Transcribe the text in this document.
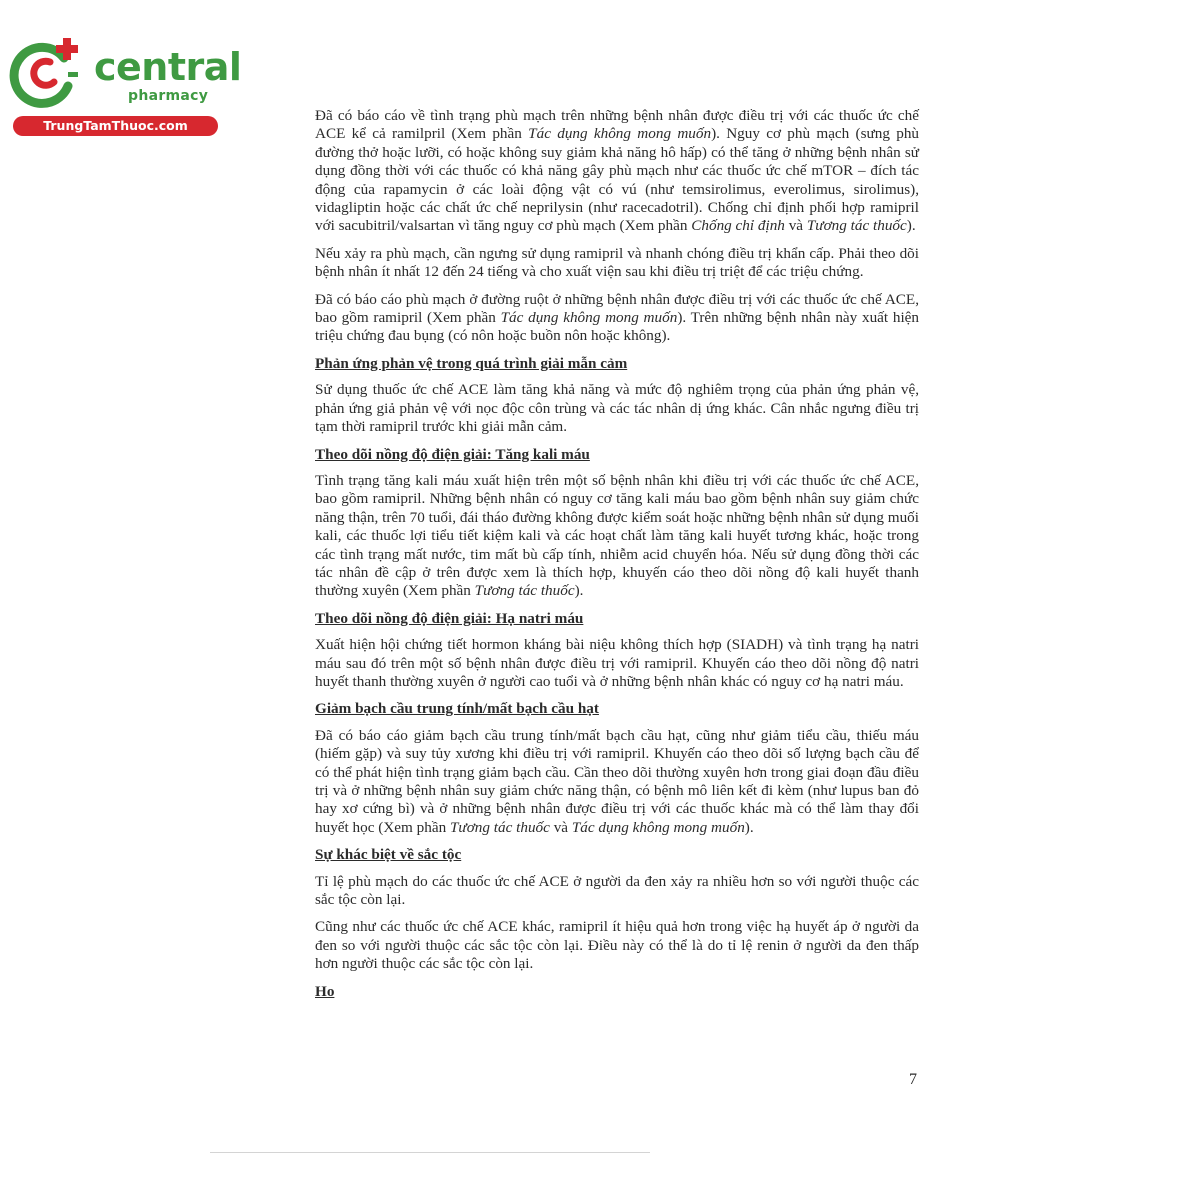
central
pharmacy
TrungTamThuoc.com

Đã có báo cáo về tình trạng phù mạch trên những bệnh nhân được điều trị với các thuốc ức chế ACE kể cả ramilpril (Xem phần Tác dụng không mong muốn). Nguy cơ phù mạch (sưng phù đường thở hoặc lưỡi, có hoặc không suy giảm khả năng hô hấp) có thể tăng ở những bệnh nhân sử dụng đồng thời với các thuốc có khả năng gây phù mạch như các thuốc ức chế mTOR – đích tác động của rapamycin ở các loài động vật có vú (như temsirolimus, everolimus, sirolimus), vidagliptin hoặc các chất ức chế neprilysin (như racecadotril). Chống chỉ định phối hợp ramipril với sacubitril/valsartan vì tăng nguy cơ phù mạch (Xem phần Chống chỉ định và Tương tác thuốc).

Nếu xảy ra phù mạch, cần ngưng sử dụng ramipril và nhanh chóng điều trị khẩn cấp. Phải theo dõi bệnh nhân ít nhất 12 đến 24 tiếng và cho xuất viện sau khi điều trị triệt để các triệu chứng.

Đã có báo cáo phù mạch ở đường ruột ở những bệnh nhân được điều trị với các thuốc ức chế ACE, bao gồm ramipril (Xem phần Tác dụng không mong muốn). Trên những bệnh nhân này xuất hiện triệu chứng đau bụng (có nôn hoặc buồn nôn hoặc không).

Phản ứng phản vệ trong quá trình giải mẫn cảm

Sử dụng thuốc ức chế ACE làm tăng khả năng và mức độ nghiêm trọng của phản ứng phản vệ, phản ứng giả phản vệ với nọc độc côn trùng và các tác nhân dị ứng khác. Cân nhắc ngưng điều trị tạm thời ramipril trước khi giải mẫn cảm.

Theo dõi nồng độ điện giải: Tăng kali máu

Tình trạng tăng kali máu xuất hiện trên một số bệnh nhân khi điều trị với các thuốc ức chế ACE, bao gồm ramipril. Những bệnh nhân có nguy cơ tăng kali máu bao gồm bệnh nhân suy giảm chức năng thận, trên 70 tuổi, đái tháo đường không được kiểm soát hoặc những bệnh nhân sử dụng muối kali, các thuốc lợi tiểu tiết kiệm kali và các hoạt chất làm tăng kali huyết tương khác, hoặc trong các tình trạng mất nước, tim mất bù cấp tính, nhiễm acid chuyển hóa. Nếu sử dụng đồng thời các tác nhân đề cập ở trên được xem là thích hợp, khuyến cáo theo dõi nồng độ kali huyết thanh thường xuyên (Xem phần Tương tác thuốc).

Theo dõi nồng độ điện giải: Hạ natri máu

Xuất hiện hội chứng tiết hormon kháng bài niệu không thích hợp (SIADH) và tình trạng hạ natri máu sau đó trên một số bệnh nhân được điều trị với ramipril. Khuyến cáo theo dõi nồng độ natri huyết thanh thường xuyên ở người cao tuổi và ở những bệnh nhân khác có nguy cơ hạ natri máu.

Giảm bạch cầu trung tính/mất bạch cầu hạt

Đã có báo cáo giảm bạch cầu trung tính/mất bạch cầu hạt, cũng như giảm tiểu cầu, thiếu máu (hiếm gặp) và suy tủy xương khi điều trị với ramipril. Khuyến cáo theo dõi số lượng bạch cầu để có thể phát hiện tình trạng giảm bạch cầu. Cần theo dõi thường xuyên hơn trong giai đoạn đầu điều trị và ở những bệnh nhân suy giảm chức năng thận, có bệnh mô liên kết đi kèm (như lupus ban đỏ hay xơ cứng bì) và ở những bệnh nhân được điều trị với các thuốc khác mà có thể làm thay đổi huyết học (Xem phần Tương tác thuốc và Tác dụng không mong muốn).

Sự khác biệt về sắc tộc

Tỉ lệ phù mạch do các thuốc ức chế ACE ở người da đen xảy ra nhiều hơn so với người thuộc các sắc tộc còn lại.

Cũng như các thuốc ức chế ACE khác, ramipril ít hiệu quả hơn trong việc hạ huyết áp ở người da đen so với người thuộc các sắc tộc còn lại. Điều này có thể là do tỉ lệ renin ở người da đen thấp hơn người thuộc các sắc tộc còn lại.

Ho

7
